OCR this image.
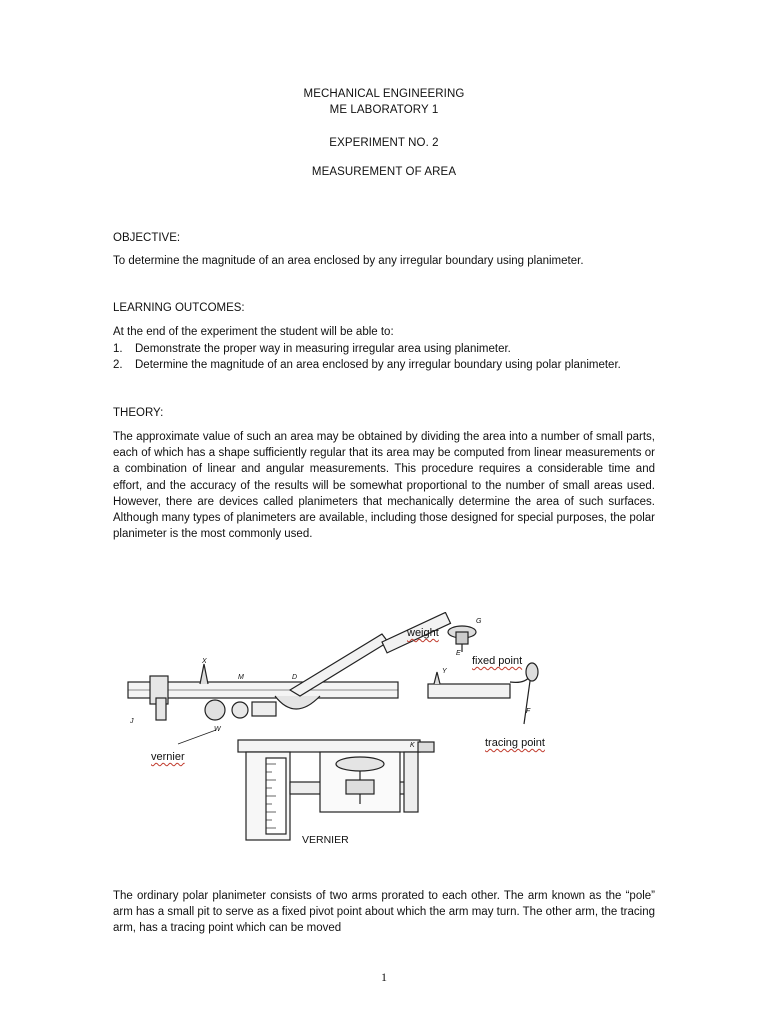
MECHANICAL ENGINEERING
ME LABORATORY 1
EXPERIMENT NO. 2
MEASUREMENT OF AREA
OBJECTIVE:
To determine the magnitude of an area enclosed by any irregular boundary using planimeter.
LEARNING OUTCOMES:
At the end of the experiment the student will be able to:
1. Demonstrate the proper way in measuring irregular area using planimeter.
2. Determine the magnitude of an area enclosed by any irregular boundary using polar planimeter.
THEORY:
The approximate value of such an area may be obtained by dividing the area into a number of small parts, each of which has a shape sufficiently regular that its area may be computed from linear measurements or a combination of linear and angular measurements. This procedure requires a considerable time and effort, and the accuracy of the results will be somewhat proportional to the number of small areas used. However, there are devices called planimeters that mechanically determine the area of such surfaces. Although many types of planimeters are available, including those designed for special purposes, the polar planimeter is the most commonly used.
weight
fixed point
tracing point
vernier
VERNIER
X
M	D
G
E
Y
F
W
J
K
The ordinary polar planimeter consists of two arms prorated to each other. The arm known as the “pole” arm has a small pit to serve as a fixed pivot point about which the arm may turn. The other arm, the tracing arm, has a tracing point which can be moved
1
